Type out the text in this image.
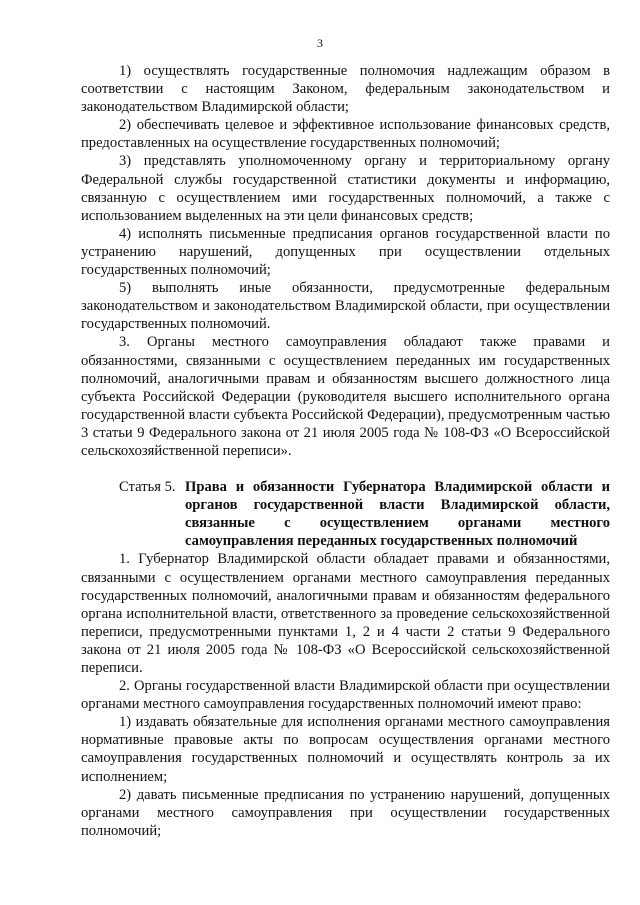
3

1) осуществлять государственные полномочия надлежащим образом в соответствии с настоящим Законом, федеральным законодательством и законодательством Владимирской области;

2) обеспечивать целевое и эффективное использование финансовых средств, предоставленных на осуществление государственных полномочий;

3) представлять уполномоченному органу и территориальному органу Федеральной службы государственной статистики документы и информацию, связанную с осуществлением ими государственных полномочий, а также с использованием выделенных на эти цели финансовых средств;

4) исполнять письменные предписания органов государственной власти по устранению нарушений, допущенных при осуществлении отдельных государственных полномочий;

5) выполнять иные обязанности, предусмотренные федеральным законодательством и законодательством Владимирской области, при осуществлении государственных полномочий.

3. Органы местного самоуправления обладают также правами и обязанностями, связанными с осуществлением переданных им государственных полномочий, аналогичными правам и обязанностям высшего должностного лица субъекта Российской Федерации (руководителя высшего исполнительного органа государственной власти субъекта Российской Федерации), предусмотренным частью 3 статьи 9 Федерального закона от 21 июля 2005 года № 108-ФЗ «О Всероссийской сельскохозяйственной переписи».

Статья 5. Права и обязанности Губернатора Владимирской области и органов государственной власти Владимирской области, связанные с осуществлением органами местного самоуправления переданных государственных полномочий

1. Губернатор Владимирской области обладает правами и обязанностями, связанными с осуществлением органами местного самоуправления переданных государственных полномочий, аналогичными правам и обязанностям федерального органа исполнительной власти, ответственного за проведение сельскохозяйственной переписи, предусмотренными пунктами 1, 2 и 4 части 2 статьи 9 Федерального закона от 21 июля 2005 года № 108-ФЗ «О Всероссийской сельскохозяйственной переписи.

2. Органы государственной власти Владимирской области при осуществлении органами местного самоуправления государственных полномочий имеют право:

1) издавать обязательные для исполнения органами местного самоуправления нормативные правовые акты по вопросам осуществления органами местного самоуправления государственных полномочий и осуществлять контроль за их исполнением;

2) давать письменные предписания по устранению нарушений, допущенных органами местного самоуправления при осуществлении государственных полномочий;
